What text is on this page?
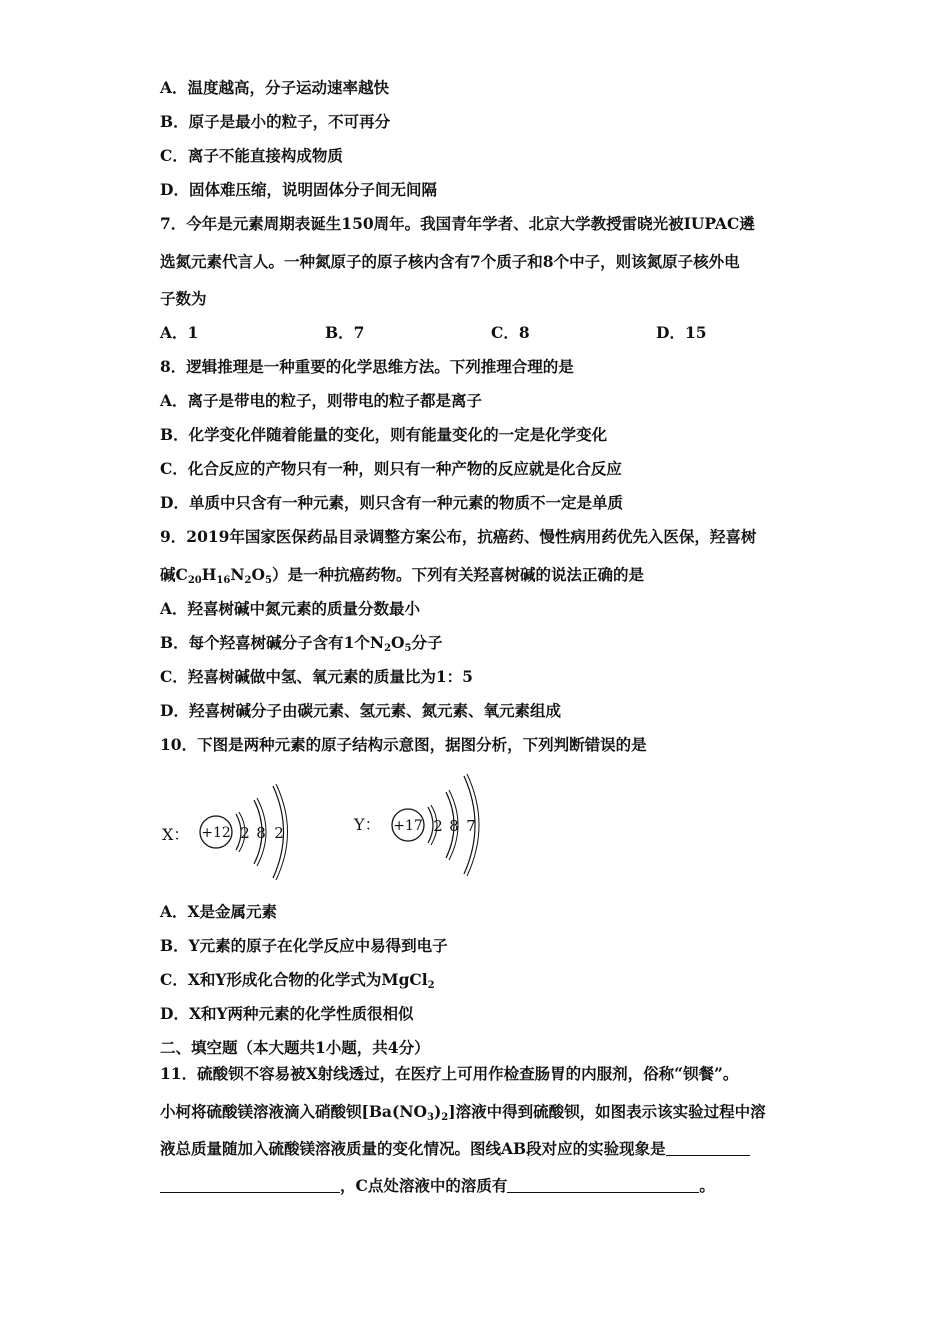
A．温度越高，分子运动速率越快
B．原子是最小的粒子，不可再分
C．离子不能直接构成物质
D．固体难压缩，说明固体分子间无间隔
7．今年是元素周期表诞生150周年。我国青年学者、北京大学教授雷晓光被IUPAC遴
选氮元素代言人。一种氮原子的原子核内含有7个质子和8个中子，则该氮原子核外电
子数为
A．1	B．7	C．8	D．15
8．逻辑推理是一种重要的化学思维方法。下列推理合理的是
A．离子是带电的粒子，则带电的粒子都是离子
B．化学变化伴随着能量的变化，则有能量变化的一定是化学变化
C．化合反应的产物只有一种，则只有一种产物的反应就是化合反应
D．单质中只含有一种元素，则只含有一种元素的物质不一定是单质
9．2019年国家医保药品目录调整方案公布，抗癌药、慢性病用药优先入医保，羟喜树
碱$C_{20}H_{16}N_2O_5$）是一种抗癌药物。下列有关羟喜树碱的说法正确的是
A．羟喜树碱中氮元素的质量分数最小
B．每个羟喜树碱分子含有1个$N_2O_5$分子
C．羟喜树碱做中氢、氧元素的质量比为1：5
D．羟喜树碱分子由碳元素、氢元素、氮元素、氧元素组成
10．下图是两种元素的原子结构示意图，据图分析，下列判断错误的是
X： +12 2 8 2	Y： +17 2 8 7
A．X是金属元素
B．Y元素的原子在化学反应中易得到电子
C．X和Y形成化合物的化学式为MgCl$_2$
D．X和Y两种元素的化学性质很相似
二、填空题（本大题共1小题，共4分）
11．硫酸钡不容易被X射线透过，在医疗上可用作检查肠胃的内服剂，俗称“钡餐”。
小柯将硫酸镁溶液滴入硝酸钡$[Ba(NO_3)_2]$溶液中得到硫酸钡，如图表示该实验过程中溶
液总质量随加入硫酸镁溶液质量的变化情况。图线AB段对应的实验现象是
，C点处溶液中的溶质有	。
